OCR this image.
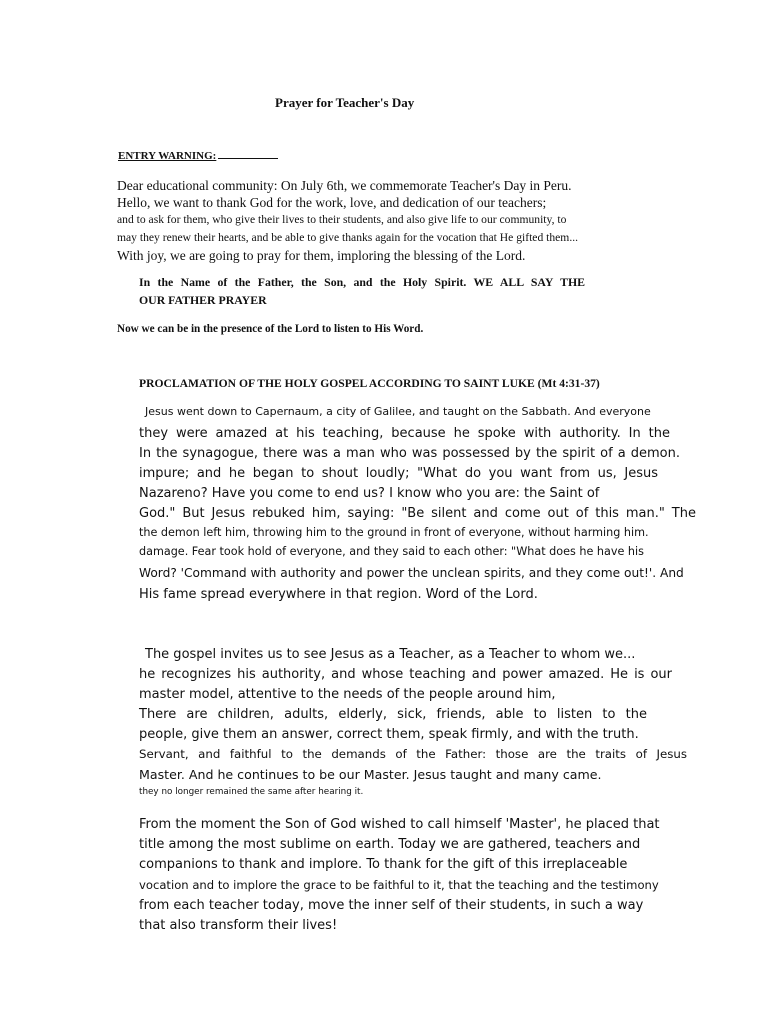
Prayer for Teacher's Day
ENTRY WARNING:
Dear educational community: On July 6th, we commemorate Teacher's Day in Peru.
Hello, we want to thank God for the work, love, and dedication of our teachers;
and to ask for them, who give their lives to their students, and also give life to our community, to
may they renew their hearts, and be able to give thanks again for the vocation that He gifted them...
With joy, we are going to pray for them, imploring the blessing of the Lord.
In the Name of the Father, the Son, and the Holy Spirit. WE ALL SAY THE
OUR FATHER PRAYER
Now we can be in the presence of the Lord to listen to His Word.
PROCLAMATION OF THE HOLY GOSPEL ACCORDING TO SAINT LUKE (Mt 4:31-37)
Jesus went down to Capernaum, a city of Galilee, and taught on the Sabbath. And everyone
they were amazed at his teaching, because he spoke with authority. In the
In the synagogue, there was a man who was possessed by the spirit of a demon.
impure; and he began to shout loudly; "What do you want from us, Jesus
Nazareno? Have you come to end us? I know who you are: the Saint of
God." But Jesus rebuked him, saying: "Be silent and come out of this man." The
the demon left him, throwing him to the ground in front of everyone, without harming him.
damage. Fear took hold of everyone, and they said to each other: "What does he have his
Word? 'Command with authority and power the unclean spirits, and they come out!'. And
His fame spread everywhere in that region. Word of the Lord.
The gospel invites us to see Jesus as a Teacher, as a Teacher to whom we...
he recognizes his authority, and whose teaching and power amazed. He is our
master model, attentive to the needs of the people around him,
There are children, adults, elderly, sick, friends, able to listen to the
people, give them an answer, correct them, speak firmly, and with the truth.
Servant, and faithful to the demands of the Father: those are the traits of Jesus
Master. And he continues to be our Master. Jesus taught and many came.
they no longer remained the same after hearing it.
From the moment the Son of God wished to call himself 'Master', he placed that
title among the most sublime on earth. Today we are gathered, teachers and
companions to thank and implore. To thank for the gift of this irreplaceable
vocation and to implore the grace to be faithful to it, that the teaching and the testimony
from each teacher today, move the inner self of their students, in such a way
that also transform their lives!
